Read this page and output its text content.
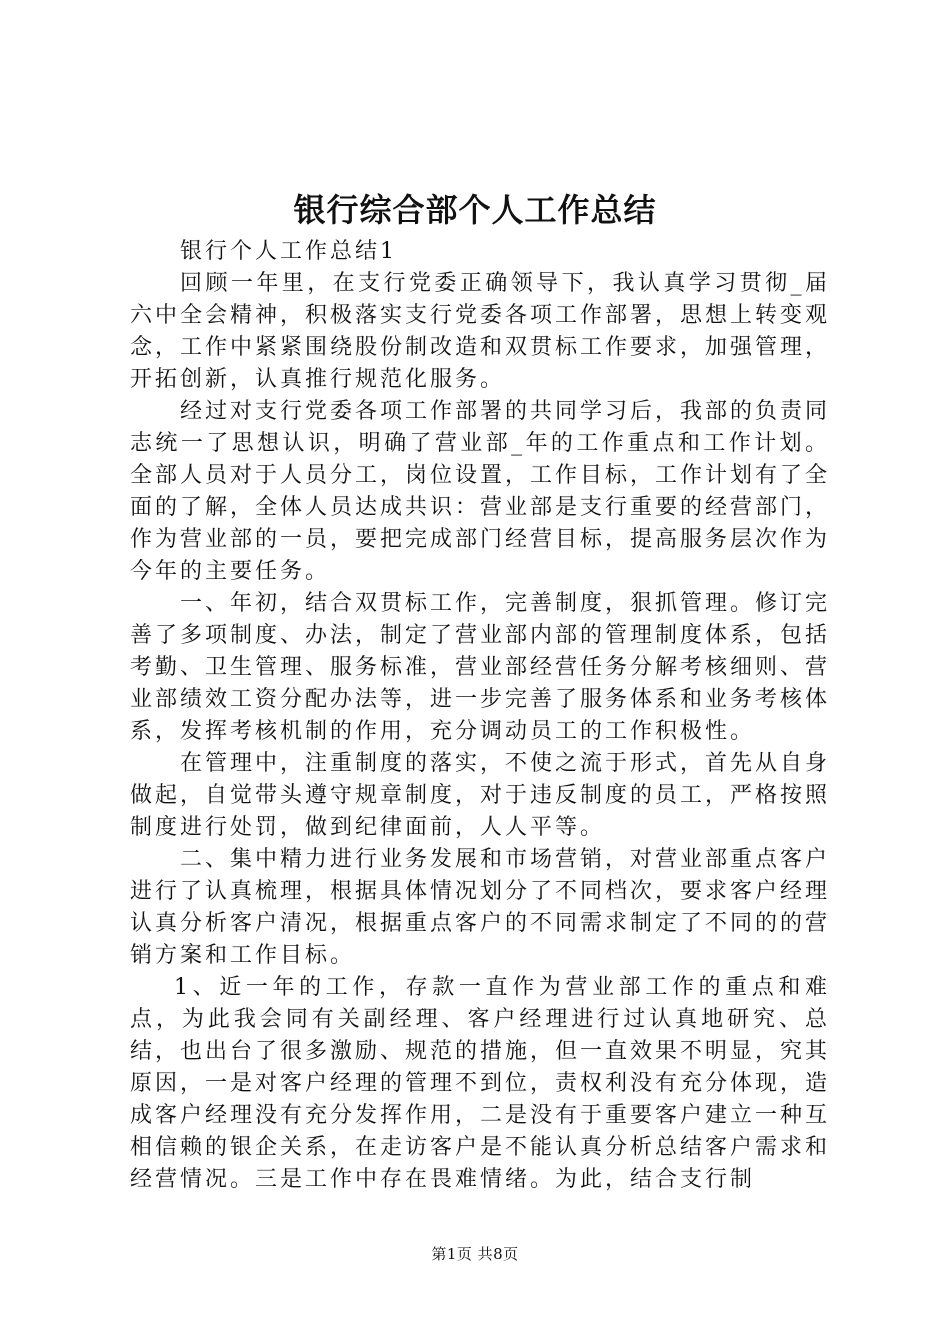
银行综合部个人工作总结

银行个人工作总结1

回顾一年里，在支行党委正确领导下，我认真学习贯彻_届六中全会精神，积极落实支行党委各项工作部署，思想上转变观念，工作中紧紧围绕股份制改造和双贯标工作要求，加强管理，开拓创新，认真推行规范化服务。

经过对支行党委各项工作部署的共同学习后，我部的负责同志统一了思想认识，明确了营业部_年的工作重点和工作计划。全部人员对于人员分工，岗位设置，工作目标，工作计划有了全面的了解，全体人员达成共识：营业部是支行重要的经营部门，作为营业部的一员，要把完成部门经营目标，提高服务层次作为今年的主要任务。

一、年初，结合双贯标工作，完善制度，狠抓管理。修订完善了多项制度、办法，制定了营业部内部的管理制度体系，包括考勤、卫生管理、服务标准，营业部经营任务分解考核细则、营业部绩效工资分配办法等，进一步完善了服务体系和业务考核体系，发挥考核机制的作用，充分调动员工的工作积极性。

在管理中，注重制度的落实，不使之流于形式，首先从自身做起，自觉带头遵守规章制度，对于违反制度的员工，严格按照制度进行处罚，做到纪律面前，人人平等。

二、集中精力进行业务发展和市场营销，对营业部重点客户进行了认真梳理，根据具体情况划分了不同档次，要求客户经理认真分析客户清况，根据重点客户的不同需求制定了不同的的营销方案和工作目标。

1、近一年的工作，存款一直作为营业部工作的重点和难点，为此我会同有关副经理、客户经理进行过认真地研究、总结，也出台了很多激励、规范的措施，但一直效果不明显，究其原因，一是对客户经理的管理不到位，责权利没有充分体现，造成客户经理没有充分发挥作用，二是没有于重要客户建立一种互相信赖的银企关系，在走访客户是不能认真分析总结客户需求和经营情况。三是工作中存在畏难情绪。为此，结合支行制

第1页 共8页
